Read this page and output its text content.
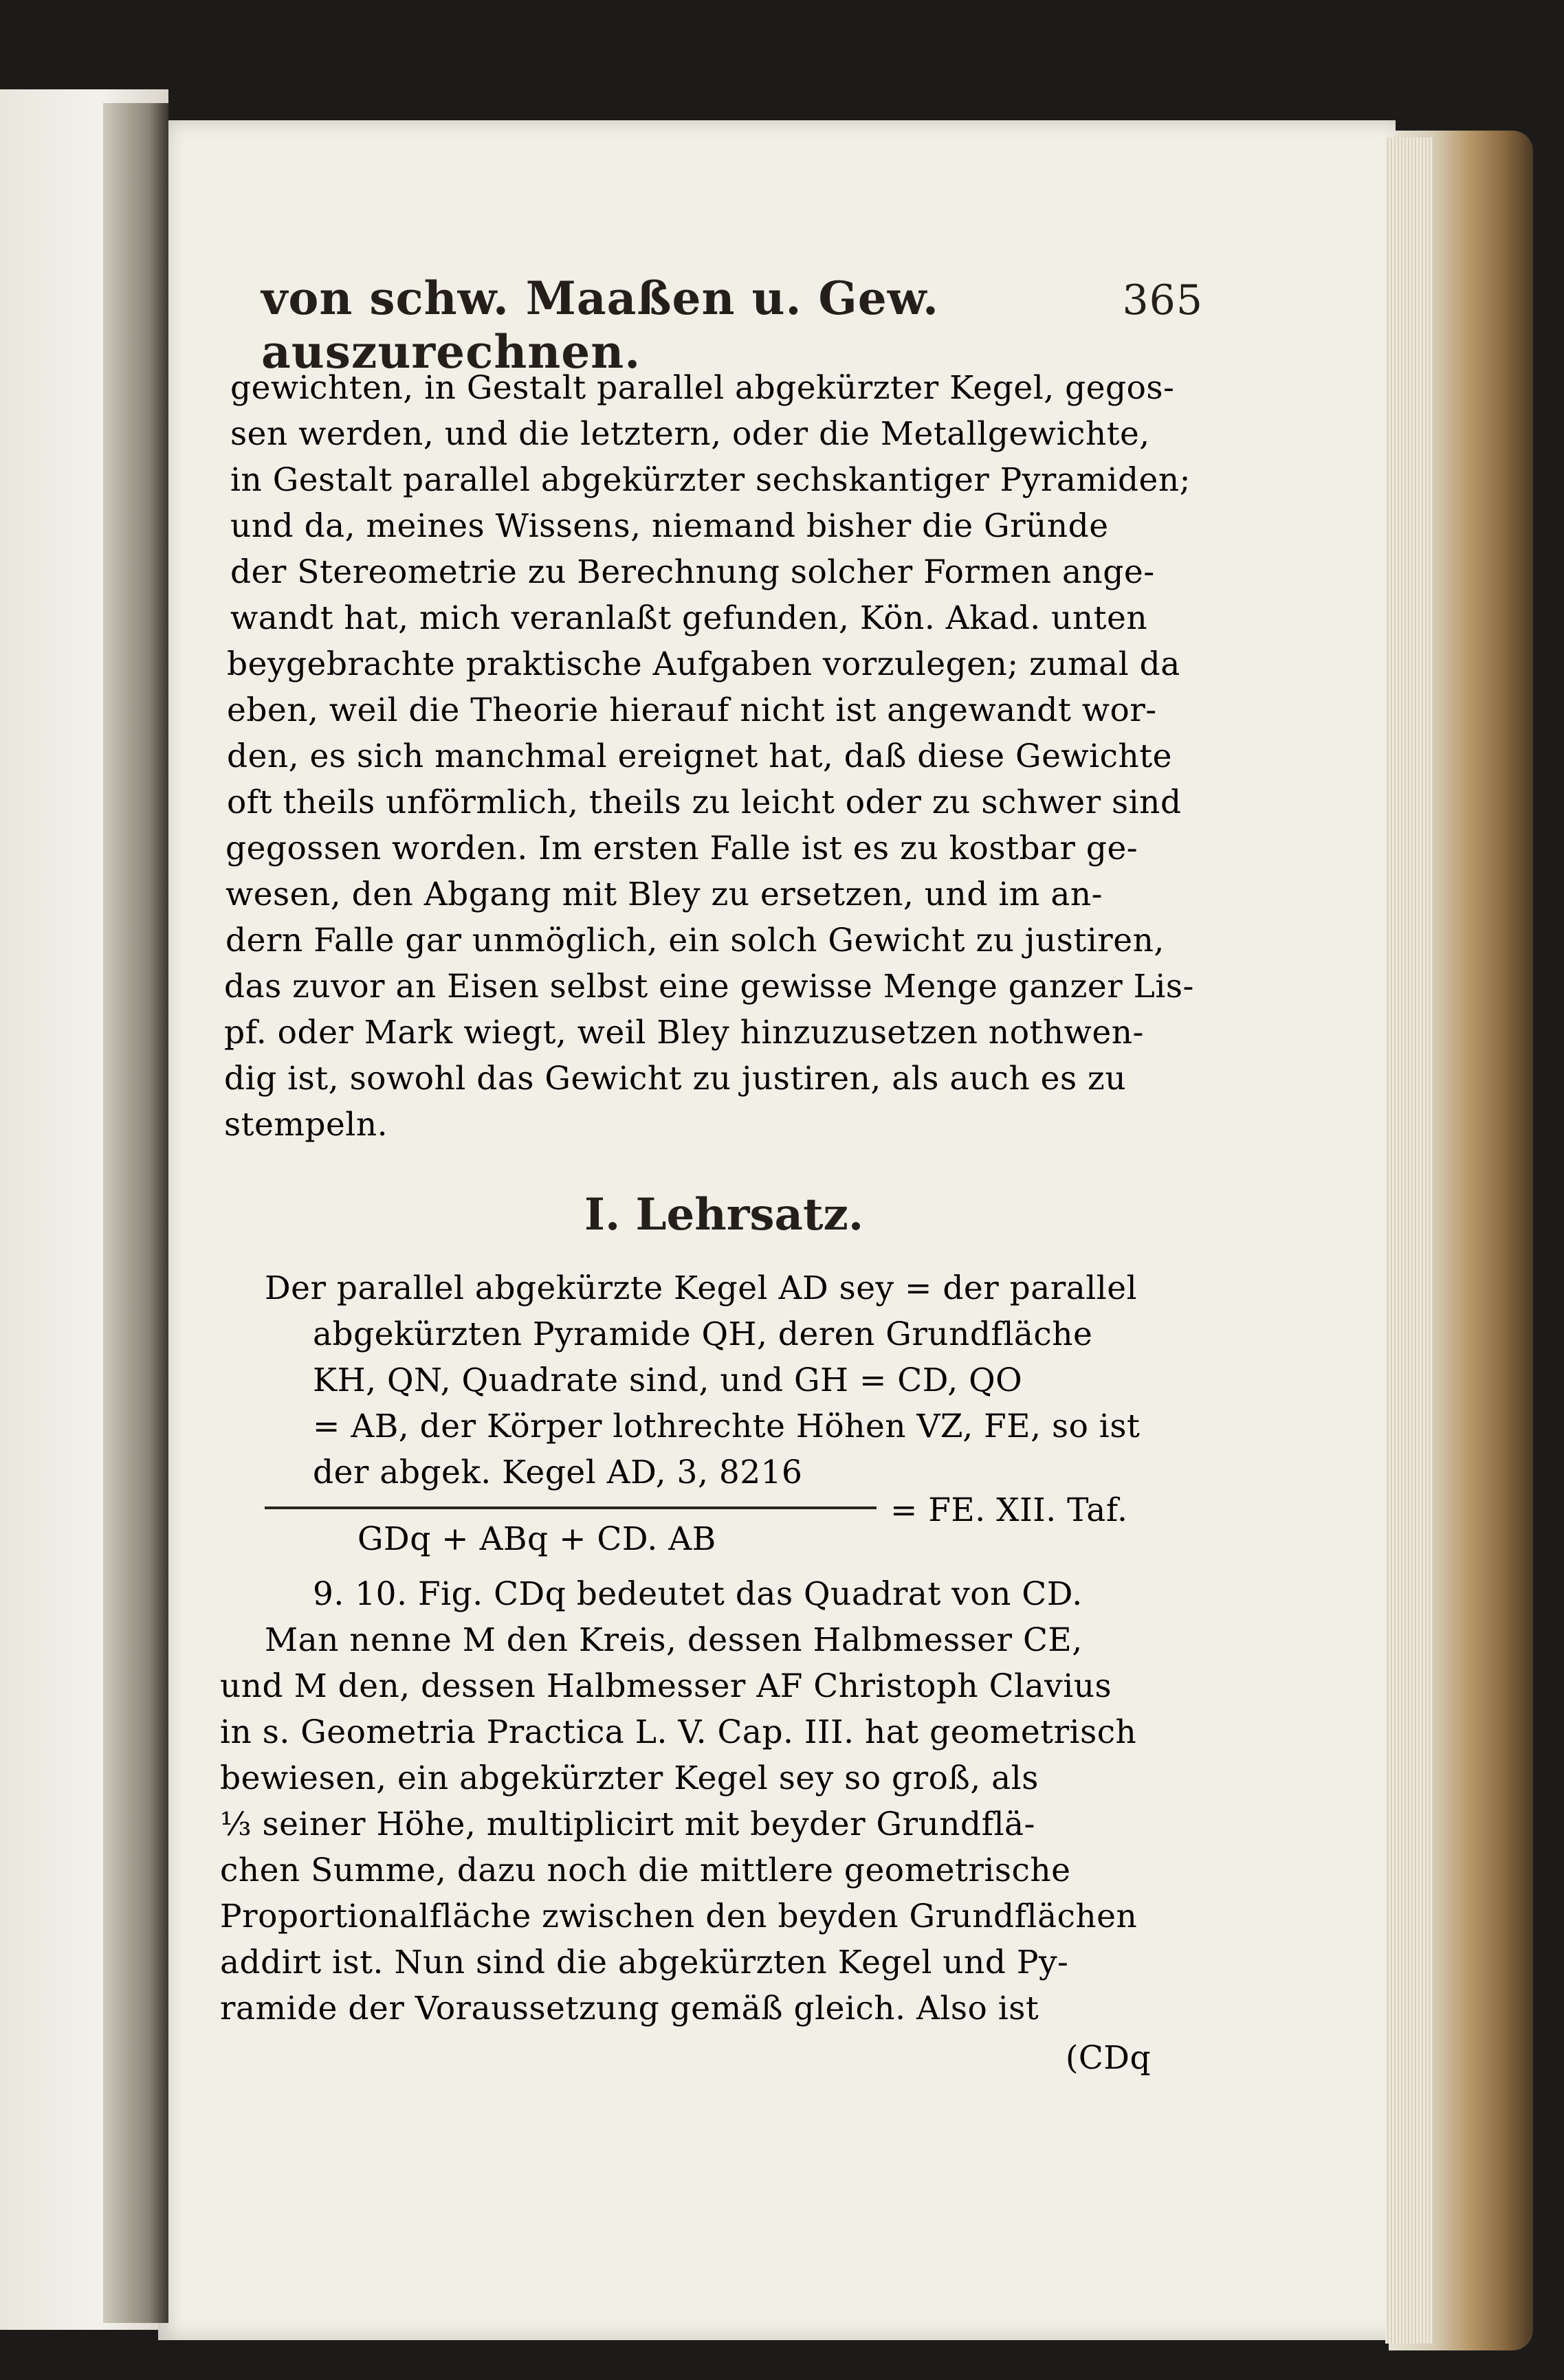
von schw. Maaßen u. Gew. auszurechnen.
365
gewichten, in Gestalt parallel abgekürzter Kegel, gegos-
sen werden, und die letztern, oder die Metallgewichte,
in Gestalt parallel abgekürzter sechskantiger Pyramiden;
und da, meines Wissens, niemand bisher die Gründe
der Stereometrie zu Berechnung solcher Formen ange-
wandt hat, mich veranlaßt gefunden, Kön. Akad. unten
beygebrachte praktische Aufgaben vorzulegen; zumal da
eben, weil die Theorie hierauf nicht ist angewandt wor-
den, es sich manchmal ereignet hat, daß diese Gewichte
oft theils unförmlich, theils zu leicht oder zu schwer sind
gegossen worden. Im ersten Falle ist es zu kostbar ge-
wesen, den Abgang mit Bley zu ersetzen, und im an-
dern Falle gar unmöglich, ein solch Gewicht zu justiren,
das zuvor an Eisen selbst eine gewisse Menge ganzer Lis-
pf. oder Mark wiegt, weil Bley hinzuzusetzen nothwen-
dig ist, sowohl das Gewicht zu justiren, als auch es zu
stempeln.
I. Lehrsatz.
Der parallel abgekürzte Kegel AD sey = der parallel
abgekürzten Pyramide QH, deren Grundfläche
KH, QN, Quadrate sind, und GH = CD, QO
= AB, der Körper lothrechte Höhen VZ, FE, so ist
der abgek. Kegel AD, 3, 8216
= FE. XII. Taf.
GDq + ABq + CD. AB
9. 10. Fig. CDq bedeutet das Quadrat von CD.
Man nenne M den Kreis, dessen Halbmesser CE,
und M den, dessen Halbmesser AF Christoph Clavius
in s. Geometria Practica L. V. Cap. III. hat geometrisch
bewiesen, ein abgekürzter Kegel sey so groß, als
⅓ seiner Höhe, multiplicirt mit beyder Grundflä-
chen Summe, dazu noch die mittlere geometrische
Proportionalfläche zwischen den beyden Grundflächen
addirt ist. Nun sind die abgekürzten Kegel und Py-
ramide der Voraussetzung gemäß gleich. Also ist
(CDq
